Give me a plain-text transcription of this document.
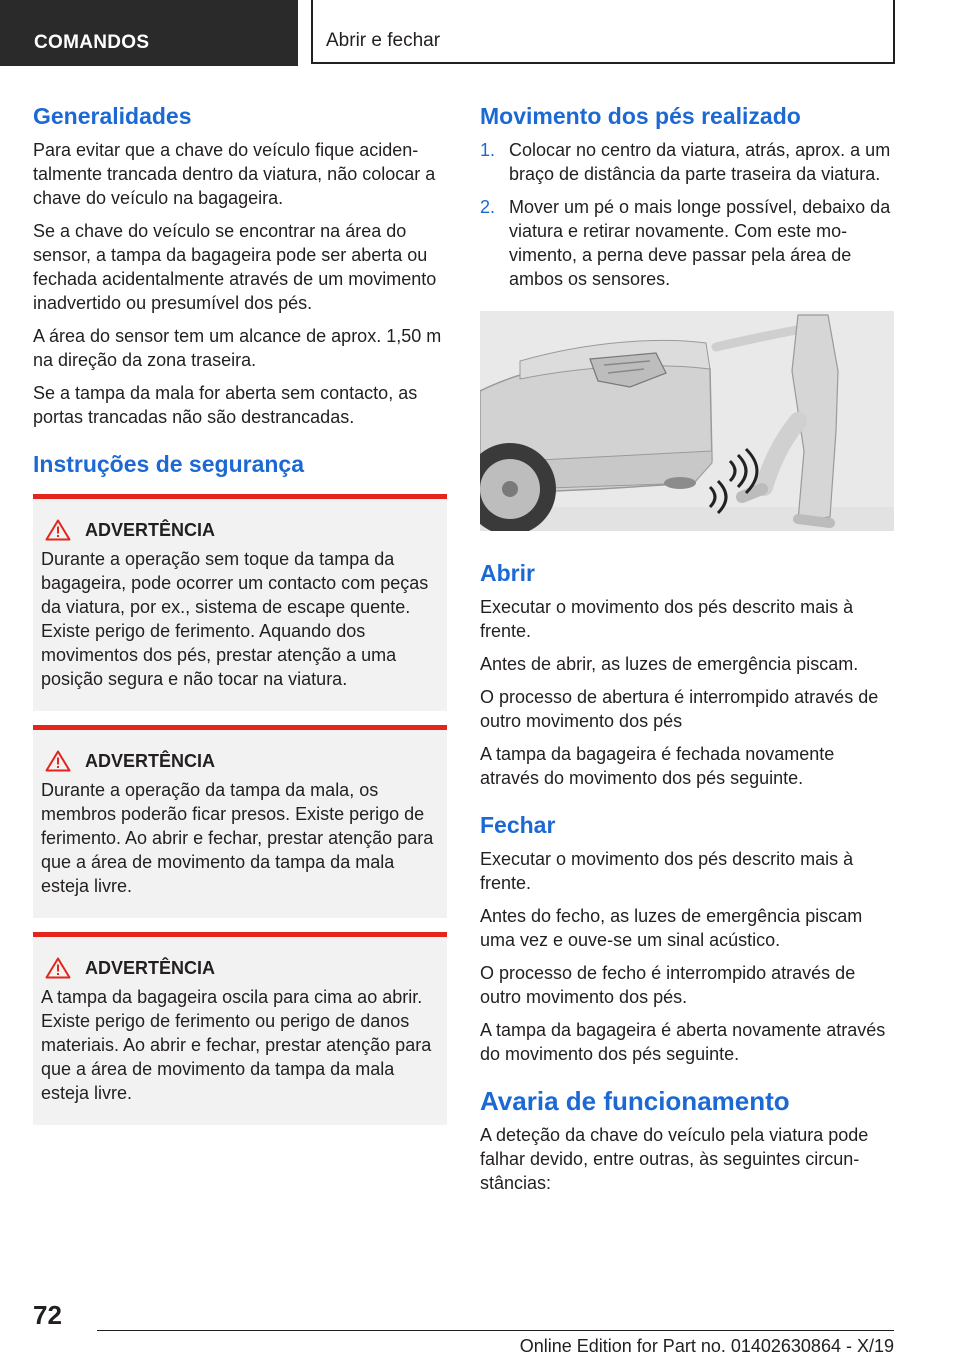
COMANDOS	Abrir e fechar
Generalidades

Para evitar que a chave do veículo fique acidentalmente trancada dentro da viatura, não colocar a chave do veículo na bagageira.

Se a chave do veículo se encontrar na área do sensor, a tampa da bagageira pode ser aberta ou fechada acidentalmente através de um movimento inadvertido ou presumível dos pés.

A área do sensor tem um alcance de aprox. 1,50 m na direção da zona traseira.

Se a tampa da mala for aberta sem contacto, as portas trancadas não são destrancadas.

Instruções de segurança
ADVERTÊNCIA

Durante a operação sem toque da tampa da bagageira, pode ocorrer um contacto com peças da viatura, por ex., sistema de escape quente. Existe perigo de ferimento. Aquando dos movimentos dos pés, prestar atenção a uma posição segura e não tocar na viatura.

ADVERTÊNCIA

Durante a operação da tampa da mala, os membros poderão ficar presos. Existe perigo de ferimento. Ao abrir e fechar, prestar atenção para que a área de movimento da tampa da mala esteja livre.

ADVERTÊNCIA

A tampa da bagageira oscila para cima ao abrir. Existe perigo de ferimento ou perigo de danos materiais. Ao abrir e fechar, prestar atenção para que a área de movimento da tampa da mala esteja livre.

Movimento dos pés realizado
1. Colocar no centro da viatura, atrás, aprox. a um braço de distância da parte traseira da viatura.
2. Mover um pé o mais longe possível, debaixo da viatura e retirar novamente. Com este movimento, a perna deve passar pela área de ambos os sensores.
Abrir

Executar o movimento dos pés descrito mais à frente.

Antes de abrir, as luzes de emergência piscam.

O processo de abertura é interrompido através de outro movimento dos pés

A tampa da bagageira é fechada novamente através do movimento dos pés seguinte.

Fechar

Executar o movimento dos pés descrito mais à frente.

Antes do fecho, as luzes de emergência piscam uma vez e ouve-se um sinal acústico.

O processo de fecho é interrompido através de outro movimento dos pés.

A tampa da bagageira é aberta novamente através do movimento dos pés seguinte.

Avaria de funcionamento

A deteção da chave do veículo pela viatura pode falhar devido, entre outras, às seguintes circunstâncias:

72
Online Edition for Part no. 01402630864 - X/19
